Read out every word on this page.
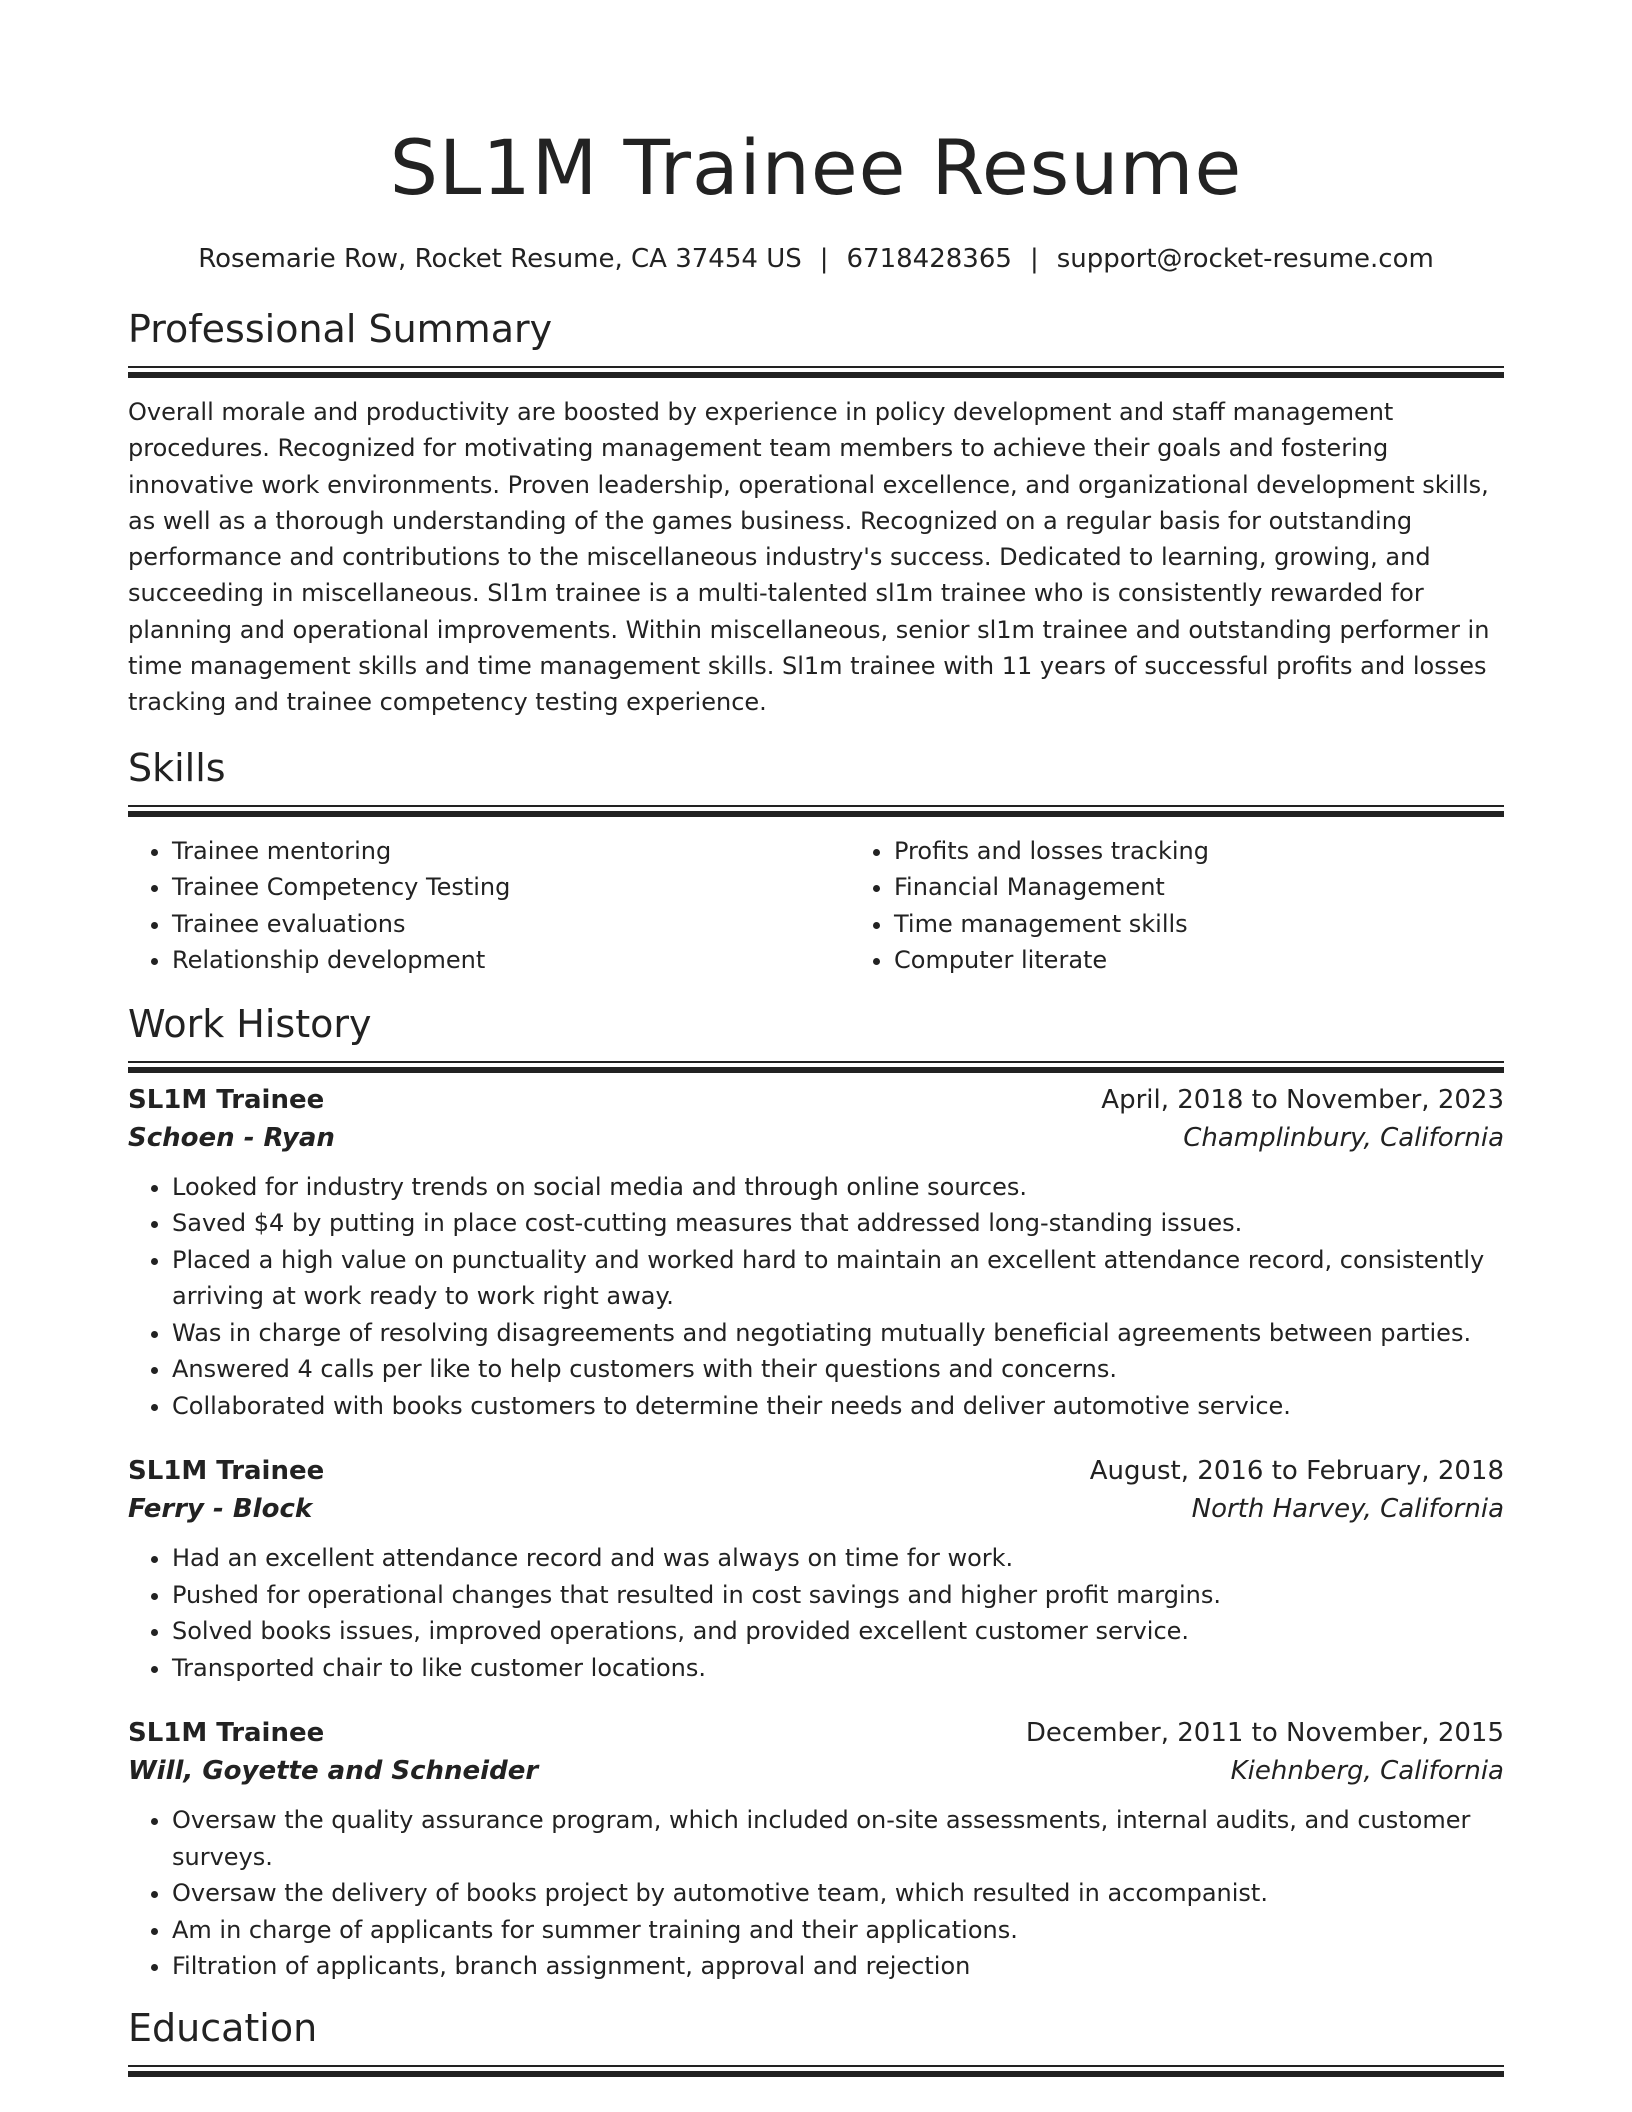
SL1M Trainee Resume
Rosemarie Row, Rocket Resume, CA 37454 US | 6718428365 | support@rocket-resume.com
Professional Summary

Overall morale and productivity are boosted by experience in policy development and staff management procedures. Recognized for motivating management team members to achieve their goals and fostering innovative work environments. Proven leadership, operational excellence, and organizational development skills, as well as a thorough understanding of the games business. Recognized on a regular basis for outstanding performance and contributions to the miscellaneous industry's success. Dedicated to learning, growing, and succeeding in miscellaneous. Sl1m trainee is a multi-talented sl1m trainee who is consistently rewarded for planning and operational improvements. Within miscellaneous, senior sl1m trainee and outstanding performer in time management skills and time management skills. Sl1m trainee with 11 years of successful profits and losses tracking and trainee competency testing experience.

Skills
• Trainee mentoring
• Trainee Competency Testing
• Trainee evaluations
• Relationship development
• Profits and losses tracking
• Financial Management
• Time management skills
• Computer literate
Work History
SL1M Trainee	April, 2018 to November, 2023
Schoen - Ryan	Champlinbury, California
• Looked for industry trends on social media and through online sources.
• Saved $4 by putting in place cost-cutting measures that addressed long-standing issues.
• Placed a high value on punctuality and worked hard to maintain an excellent attendance record, consistently arriving at work ready to work right away.
• Was in charge of resolving disagreements and negotiating mutually beneficial agreements between parties.
• Answered 4 calls per like to help customers with their questions and concerns.
• Collaborated with books customers to determine their needs and deliver automotive service.
SL1M Trainee	August, 2016 to February, 2018
Ferry - Block	North Harvey, California
• Had an excellent attendance record and was always on time for work.
• Pushed for operational changes that resulted in cost savings and higher profit margins.
• Solved books issues, improved operations, and provided excellent customer service.
• Transported chair to like customer locations.
SL1M Trainee	December, 2011 to November, 2015
Will, Goyette and Schneider	Kiehnberg, California
• Oversaw the quality assurance program, which included on-site assessments, internal audits, and customer surveys.
• Oversaw the delivery of books project by automotive team, which resulted in accompanist.
• Am in charge of applicants for summer training and their applications.
• Filtration of applicants, branch assignment, approval and rejection
Education
